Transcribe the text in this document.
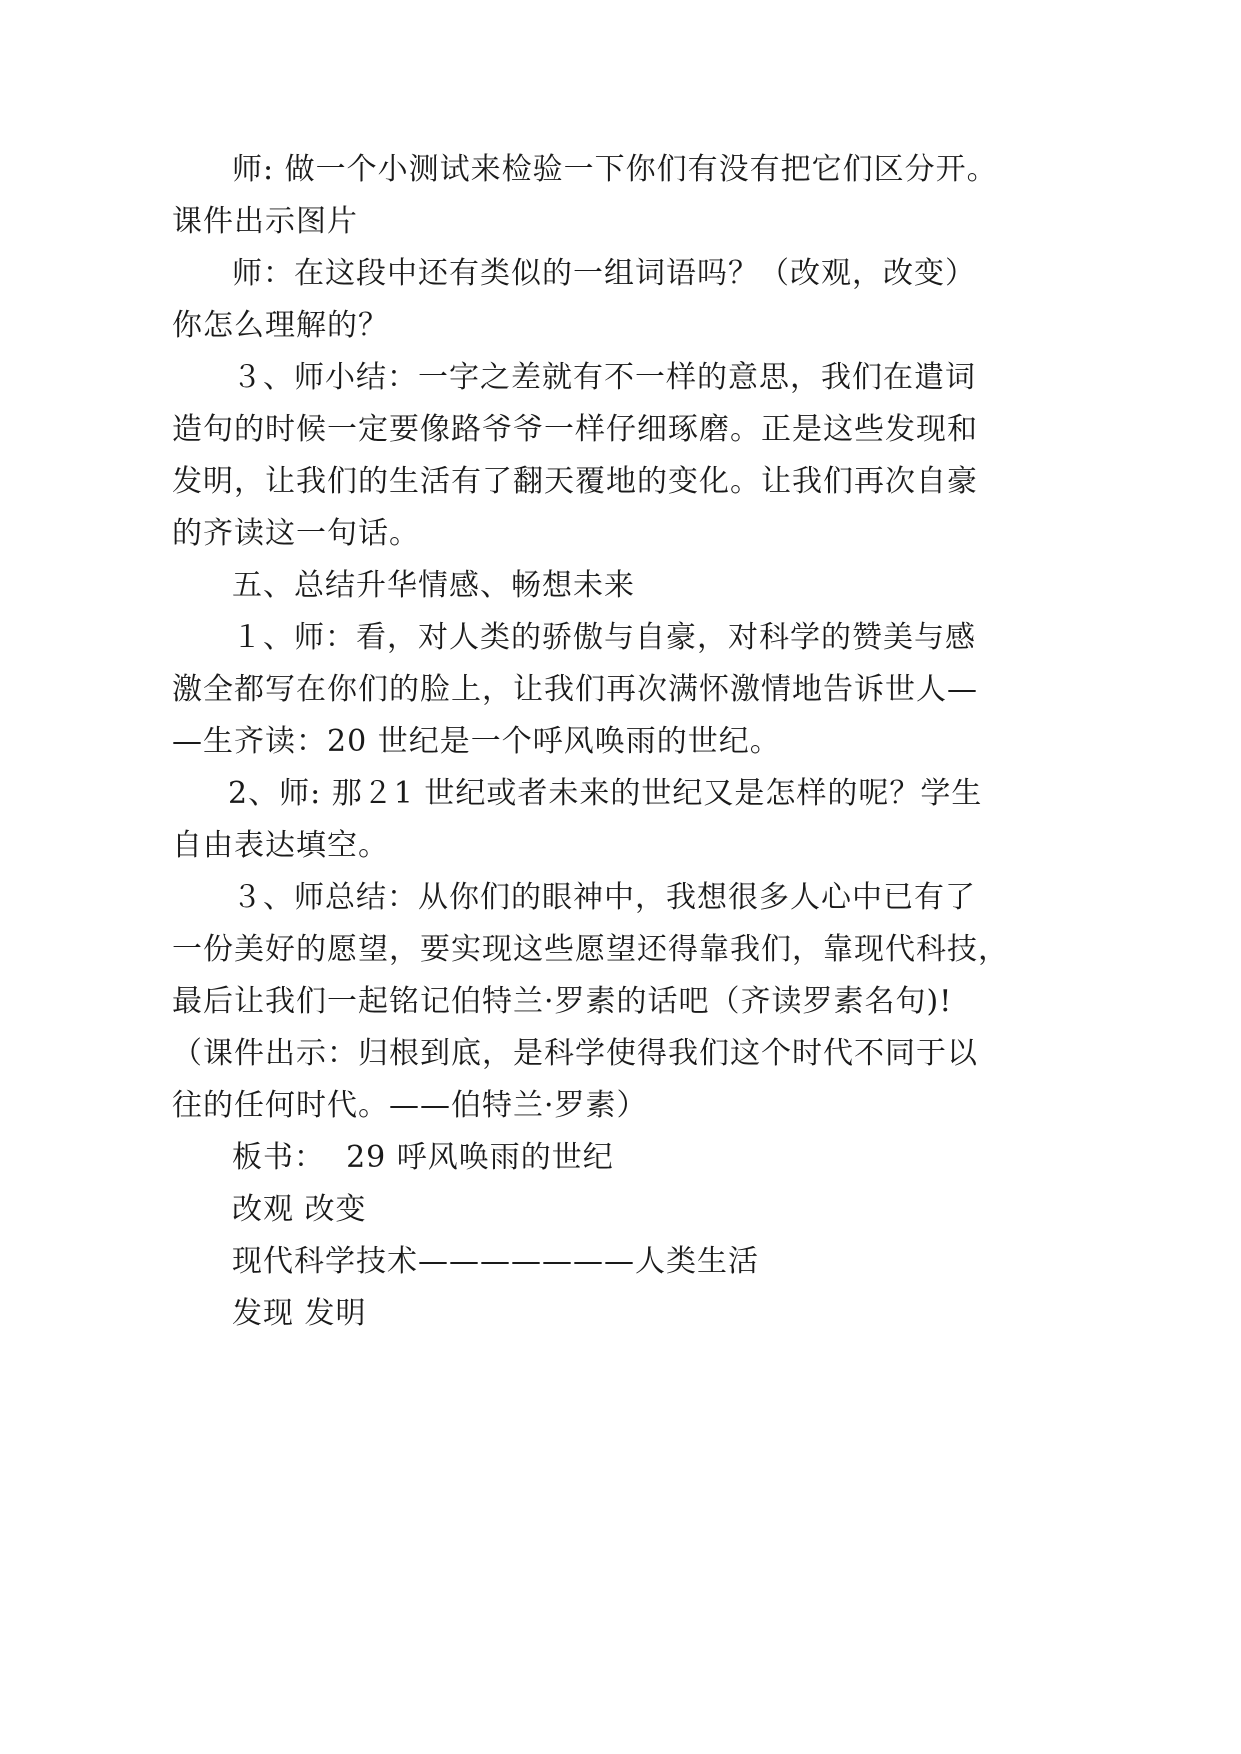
师: 做一个小测试来检验一下你们有没有把它们区分开。
课件出示图片
师：在这段中还有类似的一组词语吗？（改观，改变）
你怎么理解的？
３、师小结：一字之差就有不一样的意思，我们在遣词
造句的时候一定要像路爷爷一样仔细琢磨。正是这些发现和
发明，让我们的生活有了翻天覆地的变化。让我们再次自豪
的齐读这一句话。
五、总结升华情感、畅想未来
１、师：看，对人类的骄傲与自豪，对科学的赞美与感
激全都写在你们的脸上，让我们再次满怀激情地告诉世人—
—生齐读：20 世纪是一个呼风唤雨的世纪。
2、师: 那２1 世纪或者未来的世纪又是怎样的呢？学生
自由表达填空。
３、师总结：从你们的眼神中，我想很多人心中已有了
一份美好的愿望，要实现这些愿望还得靠我们，靠现代科技，
最后让我们一起铭记伯特兰·罗素的话吧（齐读罗素名句)!
（课件出示：归根到底，是科学使得我们这个时代不同于以
往的任何时代。——伯特兰·罗素）
板书：  29 呼风唤雨的世纪
改观 改变
现代科学技术———————人类生活
发现 发明
